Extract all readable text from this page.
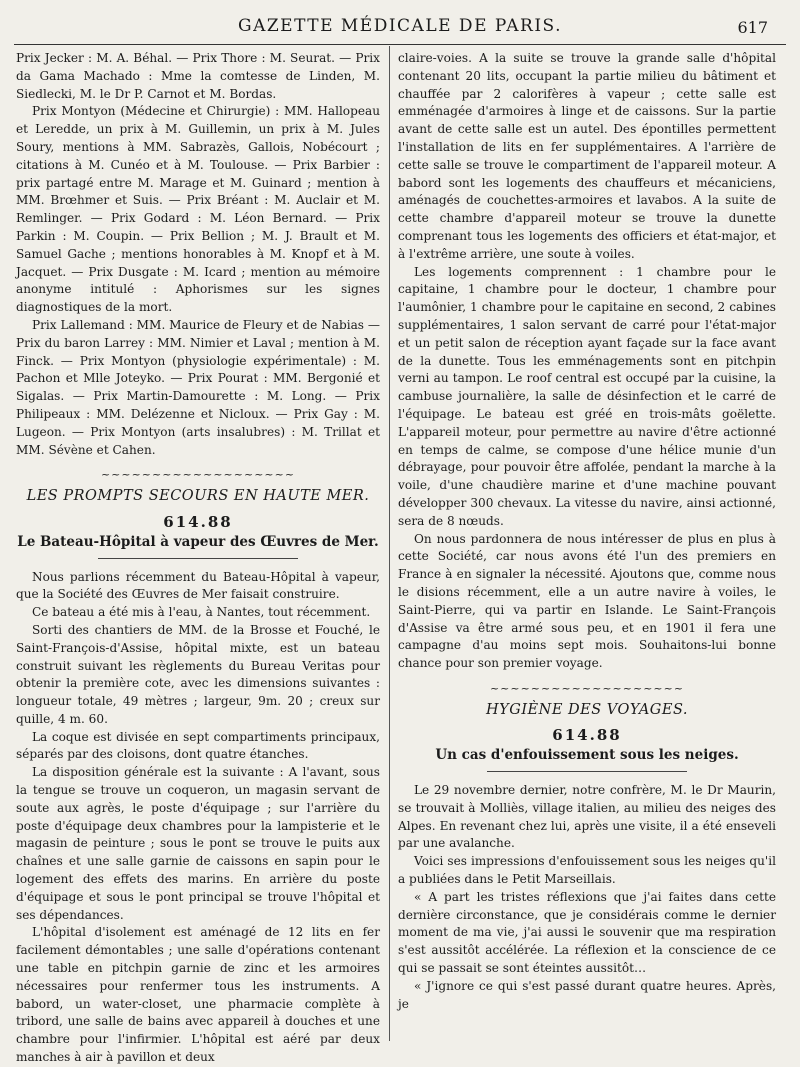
GAZETTE MÉDICALE DE PARIS.	617

Prix Jecker : M. A. Béhal. — Prix Thore : M. Seurat. — Prix da Gama Machado : Mme la comtesse de Linden, M. Siedlecki, M. le Dr P. Carnot et M. Bordas.

Prix Montyon (Médecine et Chirurgie) : MM. Hallopeau et Leredde, un prix à M. Guillemin, un prix à M. Jules Soury, mentions à MM. Sabrazès, Gallois, Nobécourt ; citations à M. Cunéo et à M. Toulouse. — Prix Barbier : prix partagé entre M. Marage et M. Guinard ; mention à MM. Brœhmer et Suis. — Prix Bréant : M. Auclair et M. Remlinger. — Prix Godard : M. Léon Bernard. — Prix Parkin : M. Coupin. — Prix Bellion ; M. J. Brault et M. Samuel Gache ; mentions honorables à M. Knopf et à M. Jacquet. — Prix Dusgate : M. Icard ; mention au mémoire anonyme intitulé : Aphorismes sur les signes diagnostiques de la mort.

Prix Lallemand : MM. Maurice de Fleury et de Nabias — Prix du baron Larrey : MM. Nimier et Laval ; mention à M. Finck. — Prix Montyon (physiologie expérimentale) : M. Pachon et Mlle Joteyko. — Prix Pourat : MM. Bergonié et Sigalas. — Prix Martin-Damourette : M. Long. — Prix Philipeaux : MM. Delézenne et Nicloux. — Prix Gay : M. Lugeon. — Prix Montyon (arts insalubres) : M. Trillat et MM. Sévène et Cahen.

~~~~~~~~~~~~~~~~~~~
LES PROMPTS SECOURS EN HAUTE MER.
614.88
Le Bateau-Hôpital à vapeur des Œuvres de Mer.

Nous parlions récemment du Bateau-Hôpital à vapeur, que la Société des Œuvres de Mer faisait construire.

Ce bateau a été mis à l'eau, à Nantes, tout récemment.

Sorti des chantiers de MM. de la Brosse et Fouché, le Saint-François-d'Assise, hôpital mixte, est un bateau construit suivant les règlements du Bureau Veritas pour obtenir la première cote, avec les dimensions suivantes : longueur totale, 49 mètres ; largeur, 9m. 20 ; creux sur quille, 4 m. 60.

La coque est divisée en sept compartiments principaux, séparés par des cloisons, dont quatre étanches.

La disposition générale est la suivante : A l'avant, sous la tengue se trouve un coqueron, un magasin servant de soute aux agrès, le poste d'équipage ; sur l'arrière du poste d'équipage deux chambres pour la lampisterie et le magasin de peinture ; sous le pont se trouve le puits aux chaînes et une salle garnie de caissons en sapin pour le logement des effets des marins. En arrière du poste d'équipage et sous le pont principal se trouve l'hôpital et ses dépendances.

L'hôpital d'isolement est aménagé de 12 lits en fer facilement démontables ; une salle d'opérations contenant une table en pitchpin garnie de zinc et les armoires nécessaires pour renfermer tous les instruments. A babord, un water-closet, une pharmacie complète à tribord, une salle de bains avec appareil à douches et une chambre pour l'infirmier. L'hôpital est aéré par deux manches à air à pavillon et deux

claire-voies. A la suite se trouve la grande salle d'hôpital contenant 20 lits, occupant la partie milieu du bâtiment et chauffée par 2 calorifères à vapeur ; cette salle est emménagée d'armoires à linge et de caissons. Sur la partie avant de cette salle est un autel. Des épontilles permettent l'installation de lits en fer supplémentaires. A l'arrière de cette salle se trouve le compartiment de l'appareil moteur. A babord sont les logements des chauffeurs et mécaniciens, aménagés de couchettes-armoires et lavabos. A la suite de cette chambre d'appareil moteur se trouve la dunette comprenant tous les logements des officiers et état-major, et à l'extrême arrière, une soute à voiles.

Les logements comprennent : 1 chambre pour le capitaine, 1 chambre pour le docteur, 1 chambre pour l'aumônier, 1 chambre pour le capitaine en second, 2 cabines supplémentaires, 1 salon servant de carré pour l'état-major et un petit salon de réception ayant façade sur la face avant de la dunette. Tous les emménagements sont en pitchpin verni au tampon. Le roof central est occupé par la cuisine, la cambuse journalière, la salle de désinfection et le carré de l'équipage. Le bateau est gréé en trois-mâts goëlette. L'appareil moteur, pour permettre au navire d'être actionné en temps de calme, se compose d'une hélice munie d'un débrayage, pour pouvoir être affolée, pendant la marche à la voile, d'une chaudière marine et d'une machine pouvant développer 300 chevaux. La vitesse du navire, ainsi actionné, sera de 8 nœuds.

On nous pardonnera de nous intéresser de plus en plus à cette Société, car nous avons été l'un des premiers en France à en signaler la nécessité. Ajoutons que, comme nous le disions récemment, elle a un autre navire à voiles, le Saint-Pierre, qui va partir en Islande. Le Saint-François d'Assise va être armé sous peu, et en 1901 il fera une campagne d'au moins sept mois. Souhaitons-lui bonne chance pour son premier voyage.

~~~~~~~~~~~~~~~~~~~
HYGIÈNE DES VOYAGES.
614.88
Un cas d'enfouissement sous les neiges.

Le 29 novembre dernier, notre confrère, M. le Dr Maurin, se trouvait à Molliès, village italien, au milieu des neiges des Alpes. En revenant chez lui, après une visite, il a été enseveli par une avalanche.

Voici ses impressions d'enfouissement sous les neiges qu'il a publiées dans le Petit Marseillais.

« A part les tristes réflexions que j'ai faites dans cette dernière circonstance, que je considérais comme le dernier moment de ma vie, j'ai aussi le souvenir que ma respiration s'est aussitôt accélérée. La réflexion et la conscience de ce qui se passait se sont éteintes aussitôt…

« J'ignore ce qui s'est passé durant quatre heures. Après, je
